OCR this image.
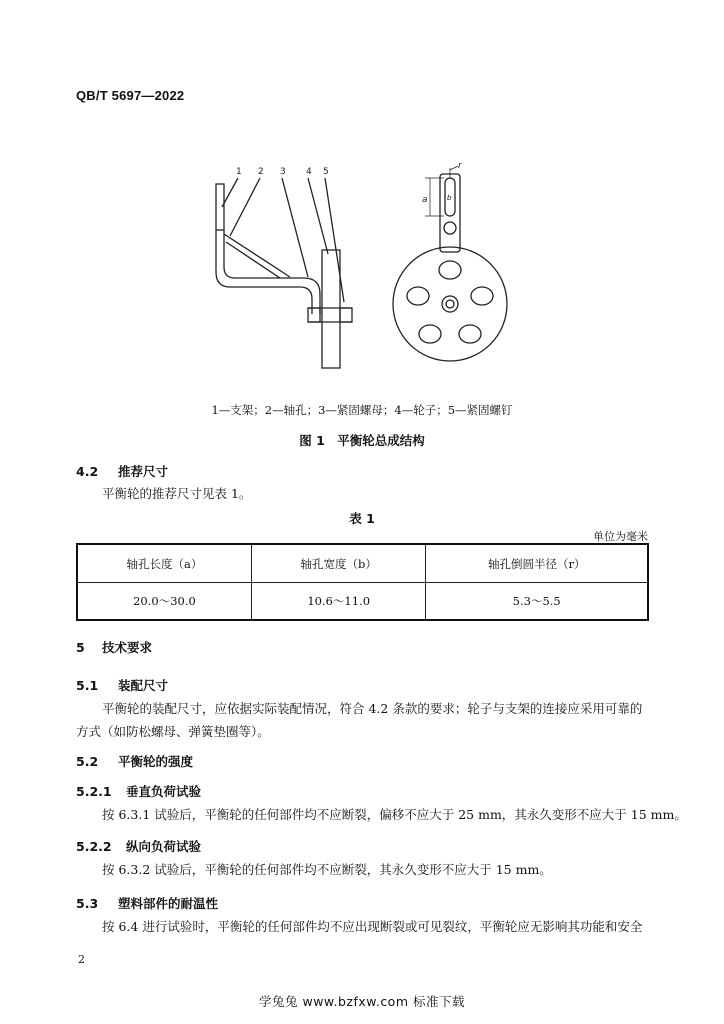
QB/T 5697—2022
1 2 3 4 5
r
a	b
1—支架；2—轴孔；3—紧固螺母；4—轮子；5—紧固螺钉
图 1　平衡轮总成结构
4.2 推荐尺寸
平衡轮的推荐尺寸见表 1。
表 1
单位为毫米
轴孔长度（a）	轴孔宽度（b）	轴孔倒圆半径（r）
20.0～30.0	10.6～11.0	5.3～5.5
5 技术要求
5.1 装配尺寸
平衡轮的装配尺寸，应依据实际装配情况，符合 4.2 条款的要求；轮子与支架的连接应采用可靠的
方式（如防松螺母、弹簧垫圈等）。
5.2 平衡轮的强度
5.2.1 垂直负荷试验
按 6.3.1 试验后，平衡轮的任何部件均不应断裂，偏移不应大于 25 mm，其永久变形不应大于 15 mm。
5.2.2 纵向负荷试验
按 6.3.2 试验后，平衡轮的任何部件均不应断裂，其永久变形不应大于 15 mm。
5.3 塑料部件的耐温性
按 6.4 进行试验时，平衡轮的任何部件均不应出现断裂或可见裂纹，平衡轮应无影响其功能和安全
2
学兔兔 www.bzfxw.com 标准下载
